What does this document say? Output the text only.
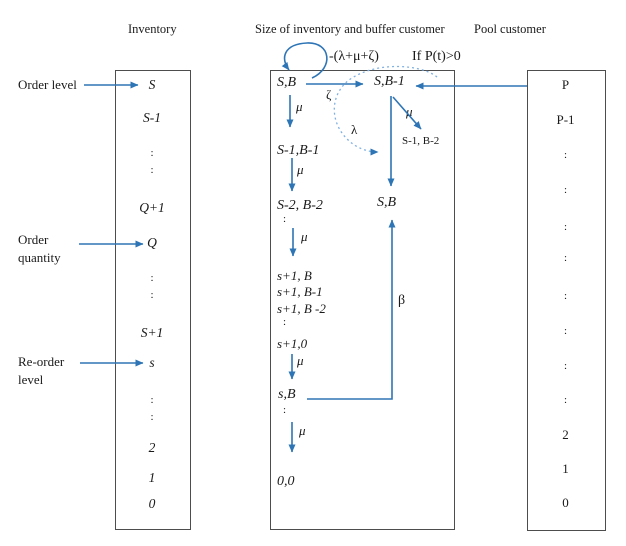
Inventory	Size of inventory and buffer customer Pool customer
-(λ+μ+ζ) If P(t)>0
Order level
Order
quantity
Re-order
level
S
S-1
:
:
Q+1
Q
:
:
S+1
s
:
:
2
1
0
P
P-1
:
:
:
:
:
:
:
:
2
1
0
S,B
S-1,B-1
S-2, B-2
:
s+1, B
s+1, B-1
s+1, B -2
:
s+1,0
s,B
:
0,0
S,B-1
S-1, B-2
S,B
μ
ζ
μ
λ
μ
μ
μ
μ
β
